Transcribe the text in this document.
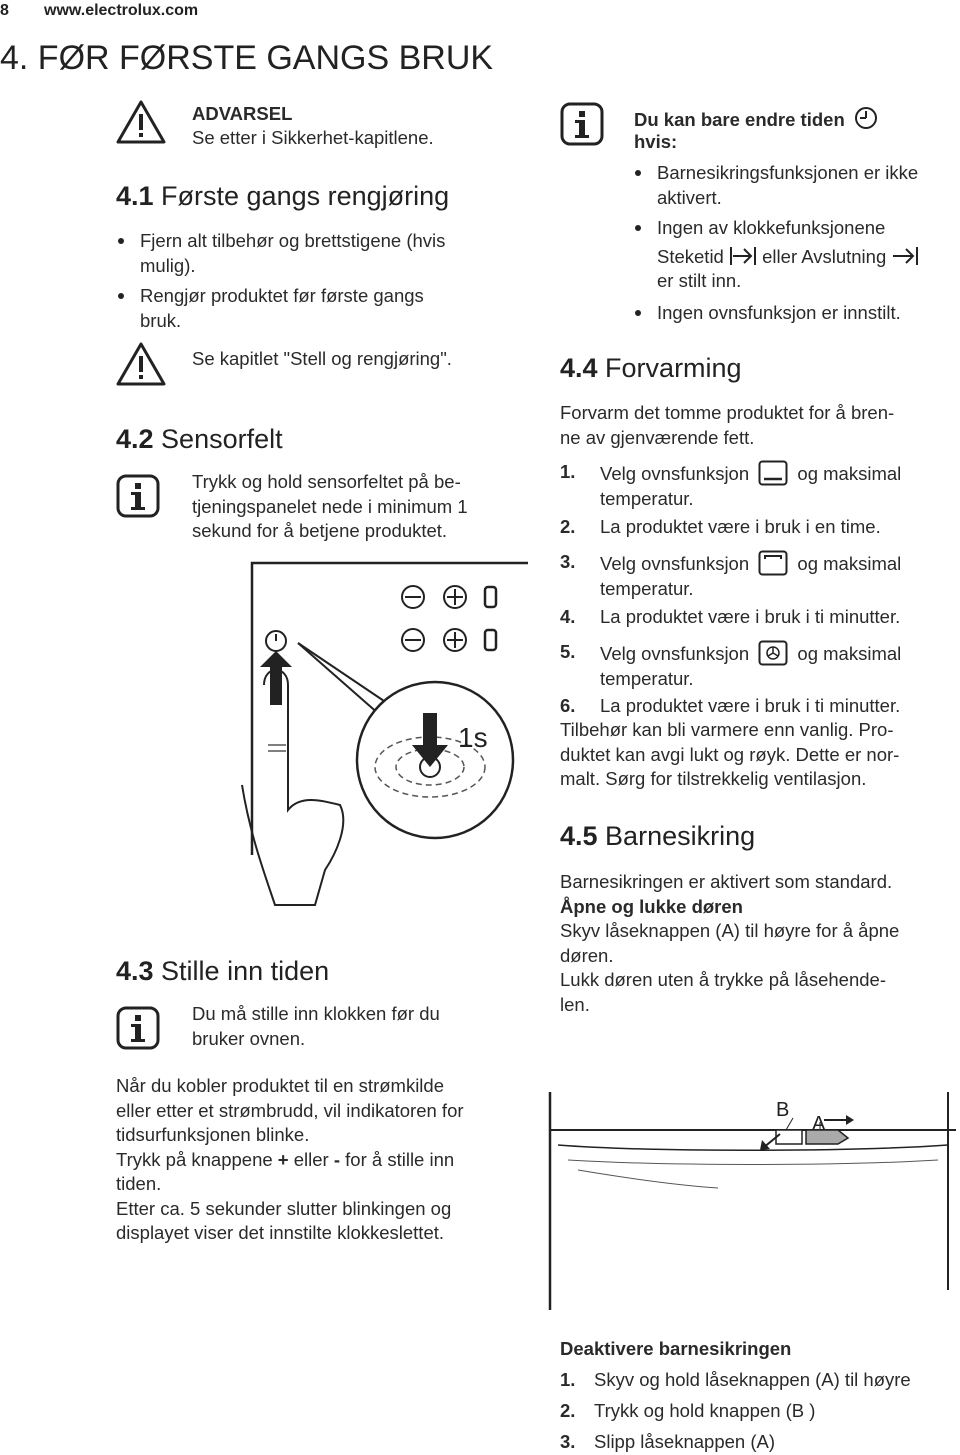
8 www.electrolux.com
4. FØR FØRSTE GANGS BRUK
ADVARSEL
Se etter i Sikkerhet-kapitlene.
4.1 Første gangs rengjøring
Fjern alt tilbehør og brettstigene (hvis
mulig).
Rengjør produktet før første gangs
bruk.
Se kapitlet "Stell og rengjøring".
4.2 Sensorfelt
Trykk og hold sensorfeltet på be-
tjeningspanelet nede i minimum 1
sekund for å betjene produktet.
1s
4.3 Stille inn tiden
Du må stille inn klokken før du
bruker ovnen.
Når du kobler produktet til en strømkilde
eller etter et strømbrudd, vil indikatoren for
tidsurfunksjonen blinke.
Trykk på knappene + eller - for å stille inn
tiden.
Etter ca. 5 sekunder slutter blinkingen og
displayet viser det innstilte klokkeslettet.
Du kan bare endre tiden
hvis:
Barnesikringsfunksjonen er ikke
aktivert.
Ingen av klokkefunksjonene
Steketid eller Avslutning
er stilt inn.
Ingen ovnsfunksjon er innstilt.
4.4 Forvarming
Forvarm det tomme produktet for å bren-
ne av gjenværende fett.
1. Velg ovnsfunksjon	og maksimal
temperatur.
2. La produktet være i bruk i en time.
3. Velg ovnsfunksjon	og maksimal
temperatur.
4. La produktet være i bruk i ti minutter.
5. Velg ovnsfunksjon	og maksimal
temperatur.
6. La produktet være i bruk i ti minutter.
Tilbehør kan bli varmere enn vanlig. Pro-
duktet kan avgi lukt og røyk. Dette er nor-
malt. Sørg for tilstrekkelig ventilasjon.
4.5 Barnesikring
Barnesikringen er aktivert som standard.
Åpne og lukke døren
Skyv låseknappen (A) til høyre for å åpne
døren.
Lukk døren uten å trykke på låsehende-
len.
B
A
Deaktivere barnesikringen
1. Skyv og hold låseknappen (A) til høyre
2. Trykk og hold knappen (B )
3. Slipp låseknappen (A)
